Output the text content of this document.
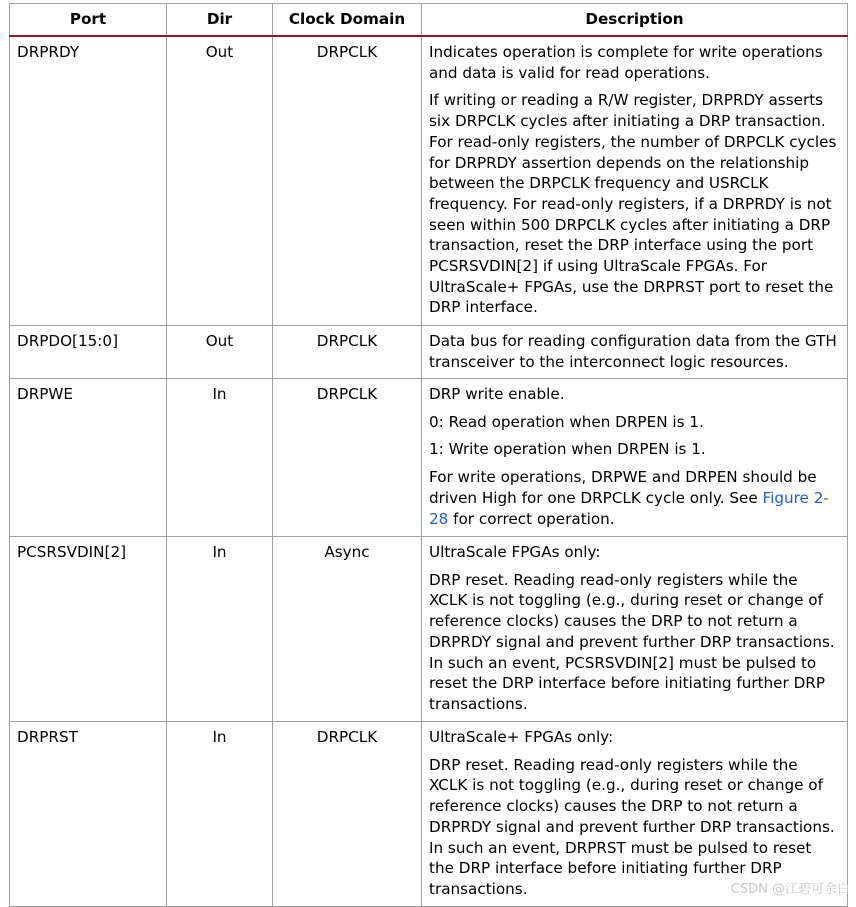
Port	Dir	Clock Domain	Description
DRPRDY	Out	DRPCLK	Indicates operation is complete for write operations and data is valid for read operations.

If writing or reading a R/W register, DRPRDY asserts six DRPCLK cycles after initiating a DRP transaction. For read-only registers, the number of DRPCLK cycles for DRPRDY assertion depends on the relationship between the DRPCLK frequency and USRCLK frequency. For read-only registers, if a DRPRDY is not seen within 500 DRPCLK cycles after initiating a DRP transaction, reset the DRP interface using the port PCSRSVDIN[2] if using UltraScale FPGAs. For UltraScale+ FPGAs, use the DRPRST port to reset the DRP interface.

DRPDO[15:0]	Out	DRPCLK	Data bus for reading configuration data from the GTH transceiver to the interconnect logic resources.

DRPWE	In	DRPCLK	DRP write enable.

0: Read operation when DRPEN is 1.

1: Write operation when DRPEN is 1.

For write operations, DRPWE and DRPEN should be driven High for one DRPCLK cycle only. See Figure 2-28 for correct operation.

PCSRSVDIN[2]	In	Async	UltraScale FPGAs only:

DRP reset. Reading read-only registers while the XCLK is not toggling (e.g., during reset or change of reference clocks) causes the DRP to not return a DRPRDY signal and prevent further DRP transactions. In such an event, PCSRSVDIN[2] must be pulsed to reset the DRP interface before initiating further DRP transactions.

DRPRST	In	DRPCLK	UltraScale+ FPGAs only:

DRP reset. Reading read-only registers while the XCLK is not toggling (e.g., during reset or change of reference clocks) causes the DRP to not return a DRPRDY signal and prevent further DRP transactions. In such an event, DRPRST must be pulsed to reset the DRP interface before initiating further DRP transactions.	CSDN @江碧可余白
